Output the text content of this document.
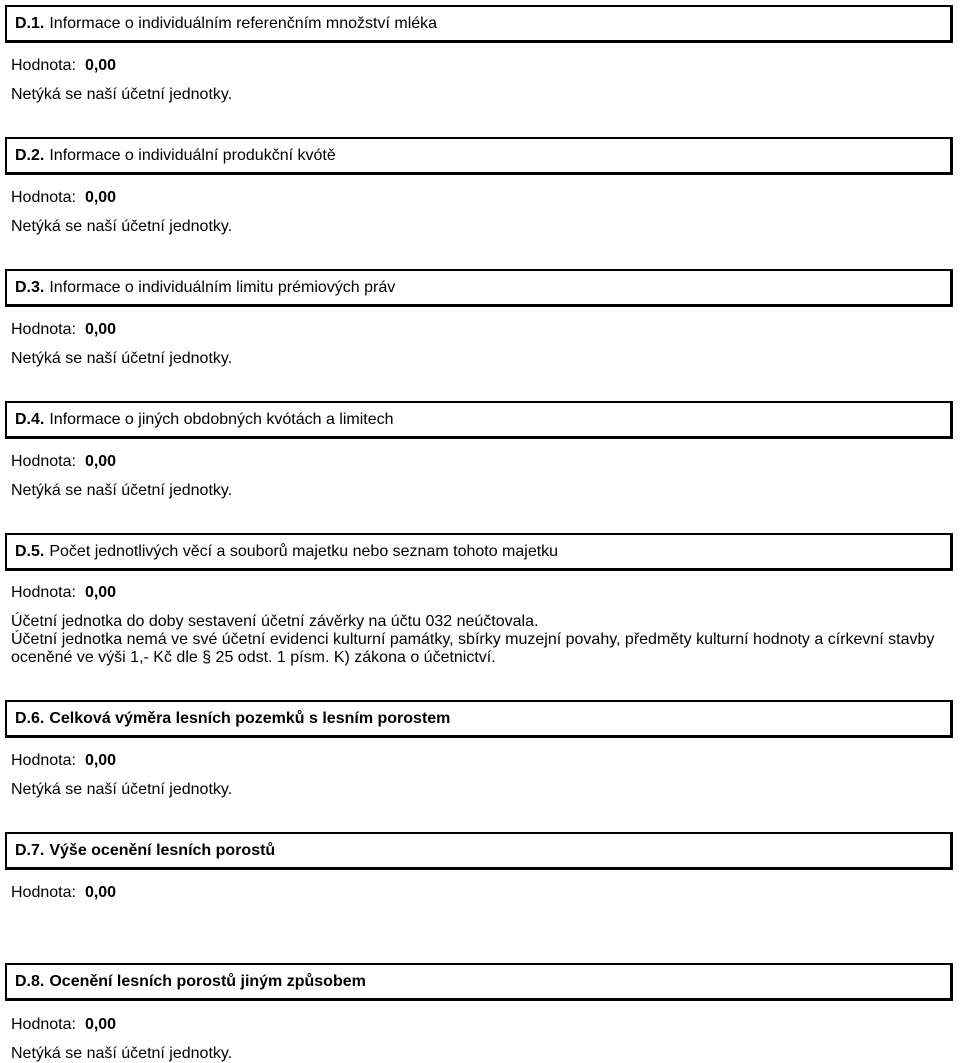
D.1. Informace o individuálním referenčním množství mléka
Hodnota: 0,00
Netýká se naší účetní jednotky.
D.2. Informace o individuální produkční kvótě
Hodnota: 0,00
Netýká se naší účetní jednotky.
D.3. Informace o individuálním limitu prémiových práv
Hodnota: 0,00
Netýká se naší účetní jednotky.
D.4. Informace o jiných obdobných kvótách a limitech
Hodnota: 0,00
Netýká se naší účetní jednotky.
D.5. Počet jednotlivých věcí a souborů majetku nebo seznam tohoto majetku
Hodnota: 0,00

Účetní jednotka do doby sestavení účetní závěrky na účtu 032 neúčtovala.

Účetní jednotka nemá ve své účetní evidenci kulturní památky, sbírky muzejní povahy, předměty kulturní hodnoty a církevní stavby oceněné ve výši 1,- Kč dle § 25 odst. 1 písm. K) zákona o účetnictví.

D.6. Celková výměra lesních pozemků s lesním porostem
Hodnota: 0,00
Netýká se naší účetní jednotky.
D.7. Výše ocenění lesních porostů
Hodnota: 0,00
D.8. Ocenění lesních porostů jiným způsobem
Hodnota: 0,00
Netýká se naší účetní jednotky.
